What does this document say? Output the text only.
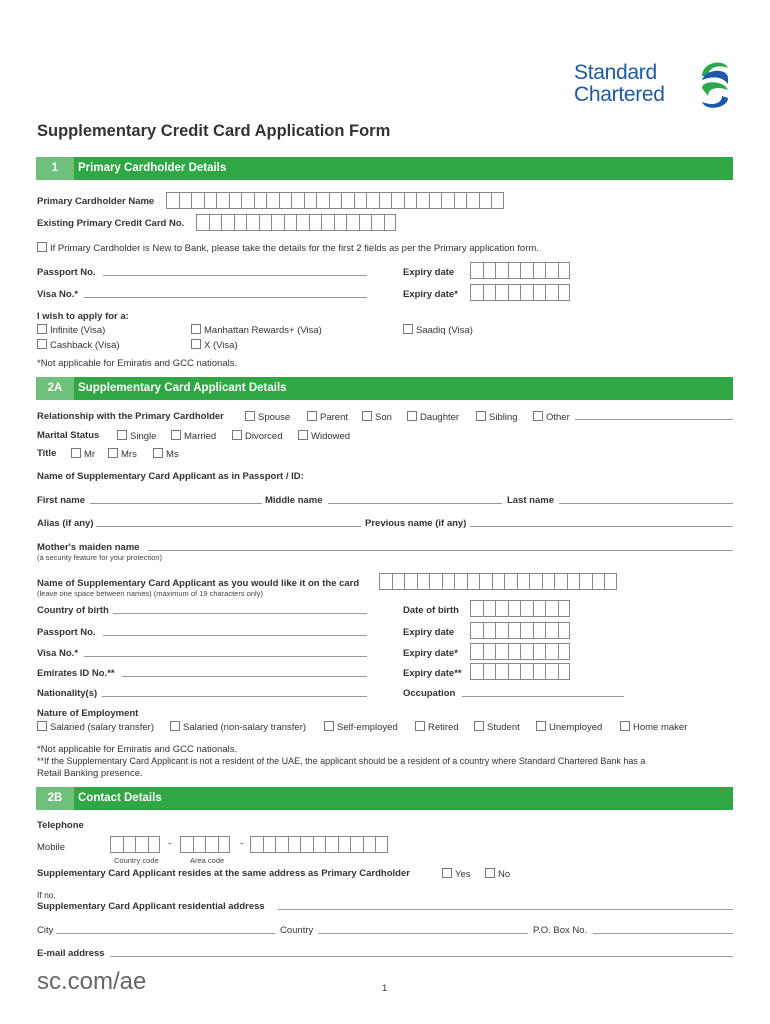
Standard
Chartered
Supplementary Credit Card Application Form
1	Primary Cardholder Details
Primary Cardholder Name
Existing Primary Credit Card No.
If Primary Cardholder is New to Bank, please take the details for the first 2 fields as per the Primary application form.
Passport No.	Expiry date
Visa No.*	Expiry date*
I wish to apply for a:
Infinite (Visa)	Manhattan Rewards+ (Visa)	Saadiq (Visa)
Cashback (Visa)	X (Visa)
*Not applicable for Emiratis and GCC nationals.
2A	Supplementary Card Applicant Details
Relationship with the Primary Cardholder	Spouse	Parent	Son	Daughter	Sibling	Other
Marital Status	Single	Married	Divorced	Widowed
Title	Mr	Mrs	Ms
Name of Supplementary Card Applicant as in Passport / ID:
First name	Middle name	Last name
Alias (if any)	Previous name (if any)
Mother's maiden name
(a security feature for your protection)
Name of Supplementary Card Applicant as you would like it on the card
(leave one space between names) (maximum of 19 characters only)
Country of birth	Date of birth
Passport No.	Expiry date
Visa No.*	Expiry date*
Emirates ID No.**	Expiry date**
Nationality(s)	Occupation
Nature of Employment
Salaried (salary transfer)	Salaried (non-salary transfer)	Self-employed	Retired	Student	Unemployed	Home maker
*Not applicable for Emiratis and GCC nationals.
**If the Supplementary Card Applicant is not a resident of the UAE, the applicant should be a resident of a country where Standard Chartered Bank has a
Retail Banking presence.
2B	Contact Details
Telephone
Mobile	-	-
Country code	Area code
Supplementary Card Applicant resides at the same address as Primary Cardholder	Yes	No
If no,
Supplementary Card Applicant residential address
City	Country	P.O. Box No.
E-mail address
sc.com/ae	1
